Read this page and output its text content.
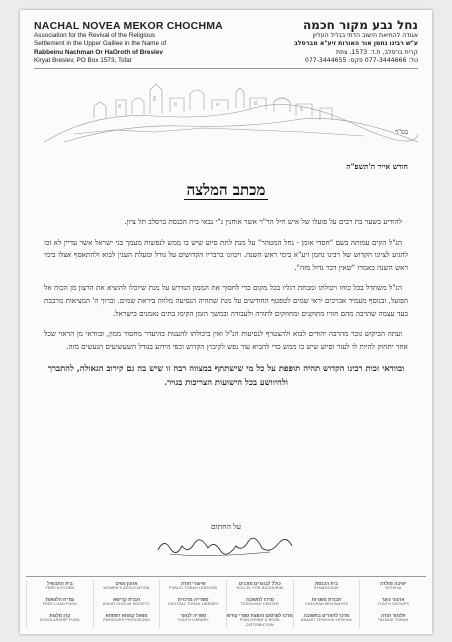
NACHAL NOVEA MEKOR CHOCHMA
Association for the Revival of the Religious
Settlement in the Upper Galilee in the Name of
Rabbeinu Nachman Or HaOroth of Breslev
Kiryat Breslev, PO Box 1573, Tsfat
נחל נבע מקור חכמה
אגודה להחיאת הישוב הדתי בגליל העליון
ע"ש רבינו נחמן אור האורות זיע"א מברסלב
קרית ברסלב, ת.ד. 1573, צפת
טל: 077-3444666 פקס: 077-3444655
בס"ד
חודש אייר ה'תשפ"ה
מכתב המלצה

להודיע בשער בת רבים על פועלו של איש חיל הר"ר אשר אוחנין נ"י גבאי בית הכנסת ברסלב תל ציון.

הנ"ל הקים עמותה בשם "חסדי אומן - נחל המטהר" על מנת לתת סיוע שיש בו ממש לנפשות מעמך בני ישראל אשר עדיין לא זכו להגיע לציונו הקדוש של רבינו נחמן זיע"א בימי ראש השנה. ויכוונו ברבריו הקדושים על גודל ומעלת הענין לבוא ולהתאסף אצלו בימי ראש השנה באמרו "שאין דבר גדול מזה".

הנ"ל משתדל בכל כוחו ויכולתו ומבתת רגליו בכל מקום כדי לחסוך את הממון הנדרש על מנת שיוכלו להוציא את הרצון מן הכוח אל הפועל, ובנוסף מעמיד אברכים יראי שמים לטפטף החודשים על מנת שתהיה הנסיעה מלווה ביראת שמים. וברוך ה' המציאות מרבבת בעד עצמה שהרבה מהם חזרו מתוקנים ומחוזקים לתורה ולעבודה ובמשך הזמן הקימו בתים נאמנים בישראל.

ועתה הביקוש גובר מהרבה יהודים לבוא ולהצטרף לנסיעות הנ"ל ואין ביכולתו להענות בהיעדר מחסור ממון, ובוודאי מן הראוי שכל אחד יתחזק להיות לו לעזר וסיוע שיש בו ממש כדי להביא עוד נפש לקיבוץ הקדוש וכפי הידוע בגודל השעשועים הנעשים מזה.

ובוודאי זכות רבינו הקדוש תהיה תופפת על כל מי שישתתף במצווה רבה זו שיש בה גם קירוב הגאולה, להתברך ולהיוושע בכל הישועות הצריכות בגויר.
על החתום
ישיבה מולדה
YESHIVA
בית הכנסת
SYNAGOGUE
כולל לבוגרים מוכנים
KOLLEL FOR BOCHURIM
שיעורי תורה
PUBLIC TORAH LESSONS
ארגון נשים
WOMEN'S ASSOCIATION
בית התבשיל
FREE KITCHEN
ארגוני נוער
YOUTH GROUPS
חבורת משניות
CHEVRAH MISHNAYOS
מרכז לתשובה
TESHUVAH CENTER
ספרייה מרכזית
CENTRAL TORAH LIBRARY
חברת קדישא
BIKUR CHOLIM SOCIETY
גמ"ח הלוואות
FREE LOAN FUND
תלמוד תורה
TALMUD TORAH
מרכז לחוזרים בתשובה
BAALEI TESHUVA YESHIVA
מרכז לפרסום והפצת ספרי קודש
PUBLISHING & BOOK DISTRIBUTION
ספריה לנוער
YOUTH LIBRARY
מפעל קמחא דפסחא
PASSOVER PROVISIONS
קרן מלגות
SCHOLARSHIP FUND
